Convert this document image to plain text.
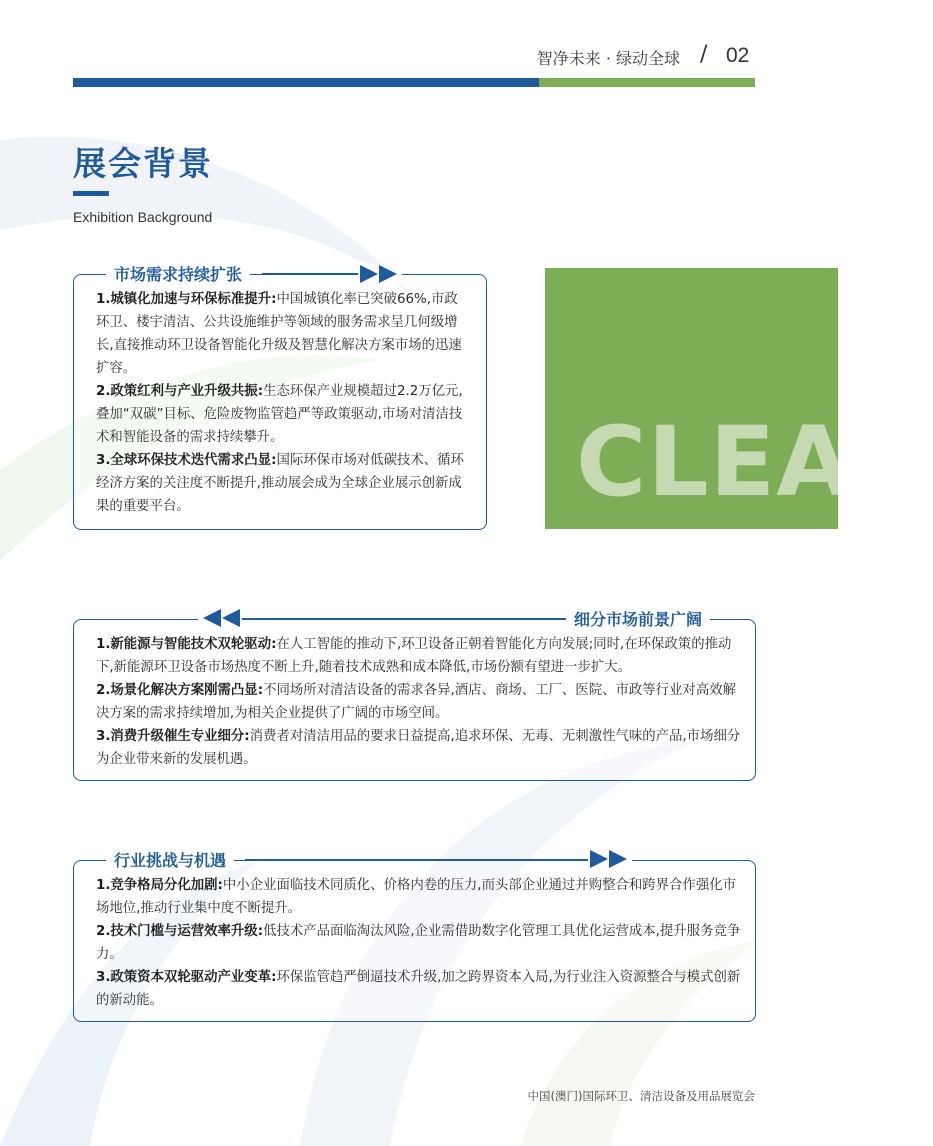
智净未来 · 绿动全球 / 02
展会背景
Exhibition Background
CLEAN
市场需求持续扩张

1.城镇化加速与环保标准提升:中国城镇化率已突破66%,市政环卫、楼宇清洁、公共设施维护等领域的服务需求呈几何级增长,直接推动环卫设备智能化升级及智慧化解决方案市场的迅速扩容。

2.政策红利与产业升级共振:生态环保产业规模超过2.2万亿元,叠加“双碳”目标、危险废物监管趋严等政策驱动,市场对清洁技术和智能设备的需求持续攀升。

3.全球环保技术迭代需求凸显:国际环保市场对低碳技术、循环经济方案的关注度不断提升,推动展会成为全球企业展示创新成果的重要平台。

细分市场前景广阔

1.新能源与智能技术双轮驱动:在人工智能的推动下,环卫设备正朝着智能化方向发展;同时,在环保政策的推动下,新能源环卫设备市场热度不断上升,随着技术成熟和成本降低,市场份额有望进一步扩大。

2.场景化解决方案刚需凸显:不同场所对清洁设备的需求各异,酒店、商场、工厂、医院、市政等行业对高效解决方案的需求持续增加,为相关企业提供了广阔的市场空间。

3.消费升级催生专业细分:消费者对清洁用品的要求日益提高,追求环保、无毒、无刺激性气味的产品,市场细分为企业带来新的发展机遇。

行业挑战与机遇

1.竞争格局分化加剧:中小企业面临技术同质化、价格内卷的压力,而头部企业通过并购整合和跨界合作强化市场地位,推动行业集中度不断提升。

2.技术门槛与运营效率升级:低技术产品面临淘汰风险,企业需借助数字化管理工具优化运营成本,提升服务竞争力。

3.政策资本双轮驱动产业变革:环保监管趋严倒逼技术升级,加之跨界资本入局,为行业注入资源整合与模式创新的新动能。

中国(澳门)国际环卫、清洁设备及用品展览会
